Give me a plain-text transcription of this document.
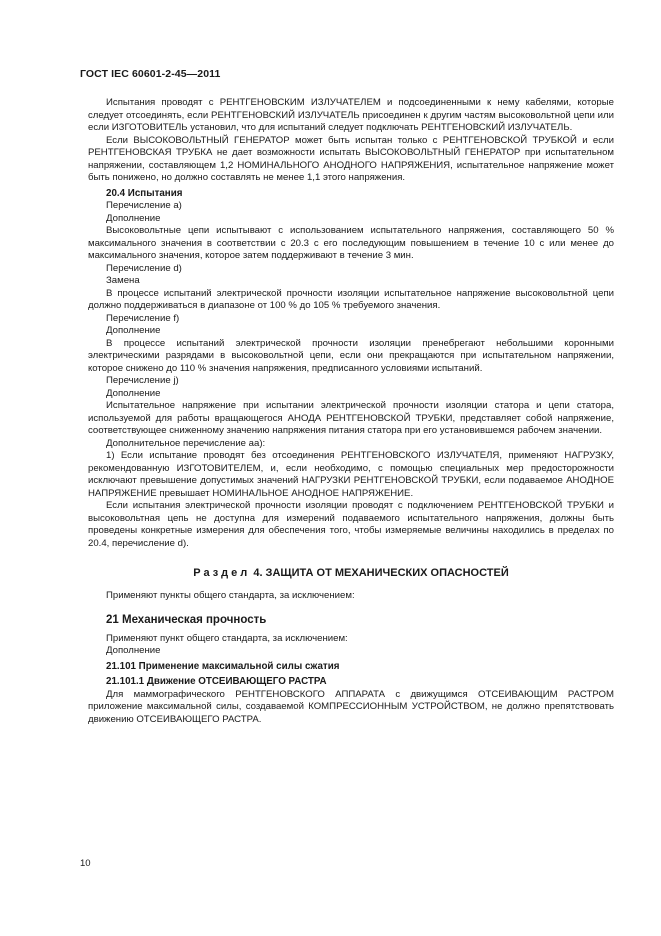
ГОСТ IEC 60601-2-45—2011

Испытания проводят с РЕНТГЕНОВСКИМ ИЗЛУЧАТЕЛЕМ и подсоединенными к нему кабелями, которые следует отсоединять, если РЕНТГЕНОВСКИЙ ИЗЛУЧАТЕЛЬ присоединен к другим частям высоковольтной цепи или если ИЗГОТОВИТЕЛЬ установил, что для испытаний следует подключать РЕНТГЕНОВСКИЙ ИЗЛУЧАТЕЛЬ.

Если ВЫСОКОВОЛЬТНЫЙ ГЕНЕРАТОР может быть испытан только с РЕНТГЕНОВСКОЙ ТРУБКОЙ и если РЕНТГЕНОВСКАЯ ТРУБКА не дает возможности испытать ВЫСОКОВОЛЬТНЫЙ ГЕНЕРАТОР при испытательном напряжении, составляющем 1,2 НОМИНАЛЬНОГО АНОДНОГО НАПРЯЖЕНИЯ, испытательное напряжение может быть понижено, но должно составлять не менее 1,1 этого напряжения.

20.4 Испытания

Перечисление а)

Дополнение

Высоковольтные цепи испытывают с использованием испытательного напряжения, составляющего 50 % максимального значения в соответствии с 20.3 с его последующим повышением в течение 10 с или менее до максимального значения, которое затем поддерживают в течение 3 мин.

Перечисление d)

Замена

В процессе испытаний электрической прочности изоляции испытательное напряжение высоковольтной цепи должно поддерживаться в диапазоне от 100 % до 105 % требуемого значения.

Перечисление f)

Дополнение

В процессе испытаний электрической прочности изоляции пренебрегают небольшими коронными электрическими разрядами в высоковольтной цепи, если они прекращаются при испытательном напряжении, которое снижено до 110 % значения напряжения, предписанного условиями испытаний.

Перечисление j)

Дополнение

Испытательное напряжение при испытании электрической прочности изоляции статора и цепи статора, используемой для работы вращающегося АНОДА РЕНТГЕНОВСКОЙ ТРУБКИ, представляет собой напряжение, соответствующее сниженному значению напряжения питания статора при его установившемся рабочем значении.

Дополнительное перечисление аа):

1) Если испытание проводят без отсоединения РЕНТГЕНОВСКОГО ИЗЛУЧАТЕЛЯ, применяют НАГРУЗКУ, рекомендованную ИЗГОТОВИТЕЛЕМ, и, если необходимо, с помощью специальных мер предосторожности исключают превышение допустимых значений НАГРУЗКИ РЕНТГЕНОВСКОЙ ТРУБКИ, если подаваемое АНОДНОЕ НАПРЯЖЕНИЕ превышает НОМИНАЛЬНОЕ АНОДНОЕ НАПРЯЖЕНИЕ.

Если испытания электрической прочности изоляции проводят с подключением РЕНТГЕНОВСКОЙ ТРУБКИ и высоковольтная цепь не доступна для измерений подаваемого испытательного напряжения, должны быть проведены конкретные измерения для обеспечения того, чтобы измеряемые величины находились в пределах по 20.4, перечисление d).

Раздел 4. ЗАЩИТА ОТ МЕХАНИЧЕСКИХ ОПАСНОСТЕЙ

Применяют пункты общего стандарта, за исключением:

21 Механическая прочность

Применяют пункт общего стандарта, за исключением:

Дополнение

21.101 Применение максимальной силы сжатия

21.101.1 Движение ОТСЕИВАЮЩЕГО РАСТРА

Для маммографического РЕНТГЕНОВСКОГО АППАРАТА с движущимся ОТСЕИВАЮЩИМ РАСТРОМ приложение максимальной силы, создаваемой КОМПРЕССИОННЫМ УСТРОЙСТВОМ, не должно препятствовать движению ОТСЕИВАЮЩЕГО РАСТРА.

10
